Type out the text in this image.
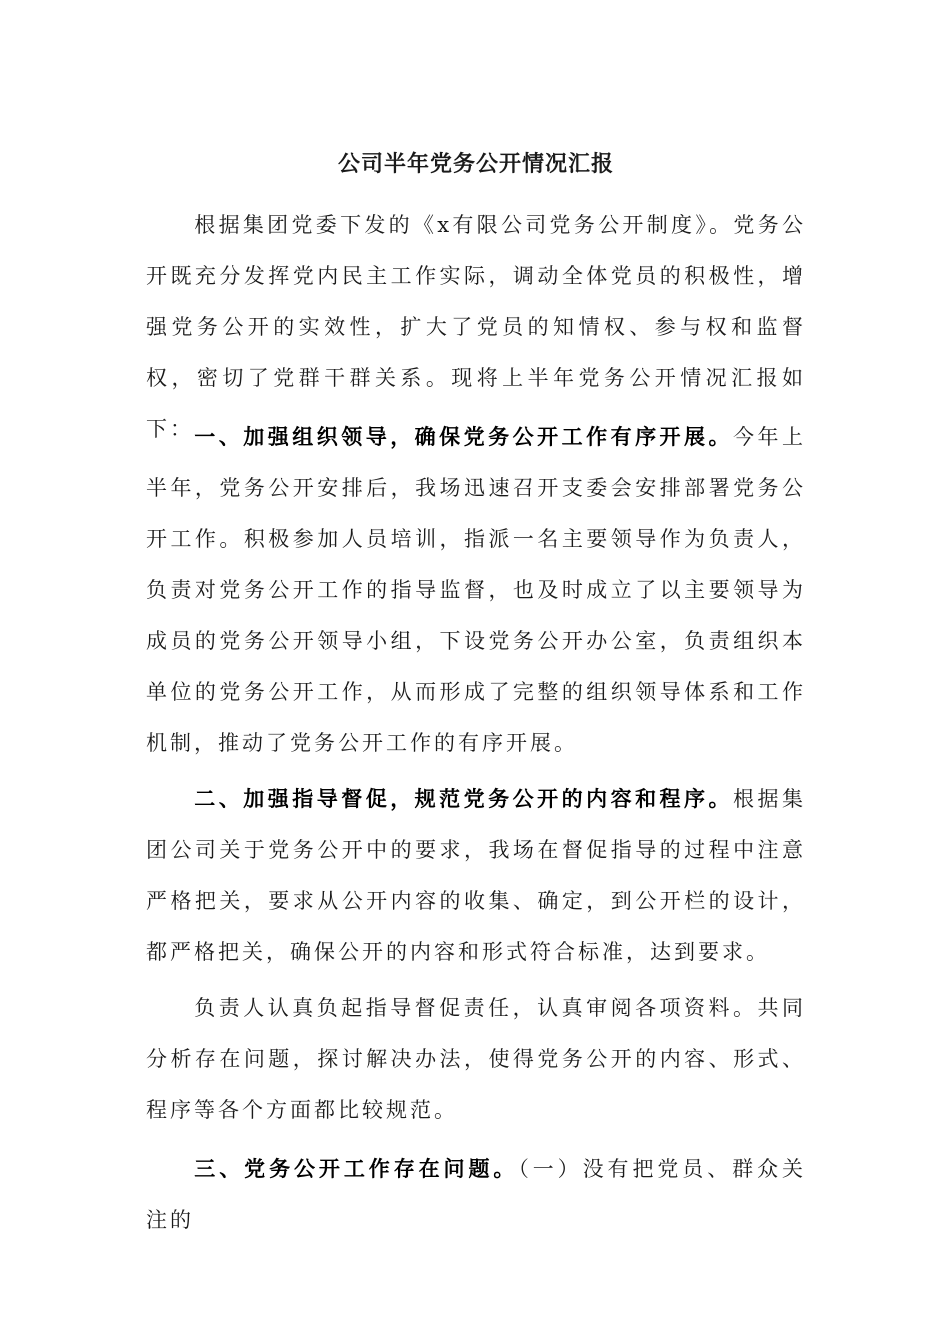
公司半年党务公开情况汇报

根据集团党委下发的《x有限公司党务公开制度》。党务公开既充分发挥党内民主工作实际，调动全体党员的积极性，增强党务公开的实效性，扩大了党员的知情权、参与权和监督权，密切了党群干群关系。现将上半年党务公开情况汇报如下： 一、加强组织领导，确保党务公开工作有序开展。今年上半年，党务公开安排后，我场迅速召开支委会安排部署党务公开工作。积极参加人员培训，指派一名主要领导作为负责人，负责对党务公开工作的指导监督，也及时成立了以主要领导为成员的党务公开领导小组，下设党务公开办公室，负责组织本单位的党务公开工作，从而形成了完整的组织领导体系和工作机制，推动了党务公开工作的有序开展。

二、加强指导督促，规范党务公开的内容和程序。根据集团公司关于党务公开中的要求，我场在督促指导的过程中注意严格把关，要求从公开内容的收集、确定，到公开栏的设计，都严格把关，确保公开的内容和形式符合标准，达到要求。

负责人认真负起指导督促责任，认真审阅各项资料。共同分析存在问题，探讨解决办法，使得党务公开的内容、形式、程序等各个方面都比较规范。

三、党务公开工作存在问题。（一）没有把党员、群众关注的
